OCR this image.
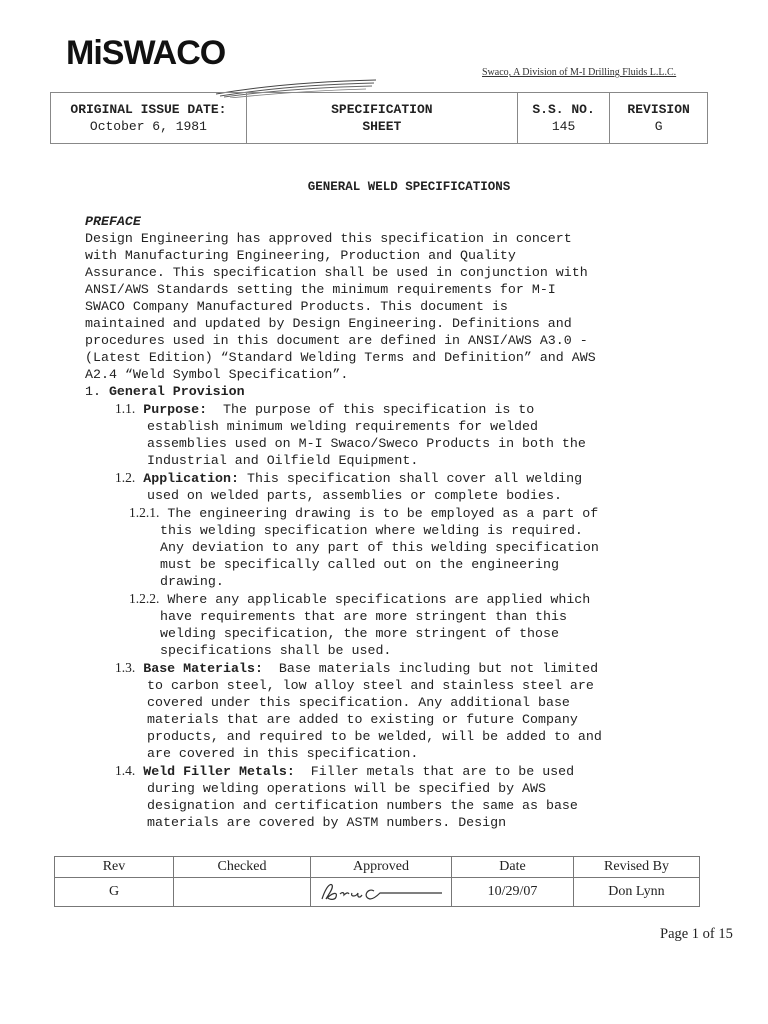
MiSWACO
Swaco, A Division of M-I Drilling Fluids L.L.C.
ORIGINAL ISSUE DATE:
October 6, 1981

SPECIFICATION
SHEET

S.S. NO.
145

REVISION
G
GENERAL WELD SPECIFICATIONS

PREFACE

Design Engineering has approved this specification in concert

with Manufacturing Engineering, Production and Quality

Assurance. This specification shall be used in conjunction with

ANSI/AWS Standards setting the minimum requirements for M-I

SWACO Company Manufactured Products. This document is

maintained and updated by Design Engineering. Definitions and

procedures used in this document are defined in ANSI/AWS A3.0 -

(Latest Edition) “Standard Welding Terms and Definition” and AWS

A2.4 “Weld Symbol Specification”.

1. General Provision

1.1. Purpose:  The purpose of this specification is to

establish minimum welding requirements for welded

assemblies used on M-I Swaco/Sweco Products in both the

Industrial and Oilfield Equipment.

1.2. Application: This specification shall cover all welding

used on welded parts, assemblies or complete bodies.

1.2.1. The engineering drawing is to be employed as a part of

this welding specification where welding is required.

Any deviation to any part of this welding specification

must be specifically called out on the engineering

drawing.

1.2.2. Where any applicable specifications are applied which

have requirements that are more stringent than this

welding specification, the more stringent of those

specifications shall be used.

1.3. Base Materials:  Base materials including but not limited

to carbon steel, low alloy steel and stainless steel are

covered under this specification. Any additional base

materials that are added to existing or future Company

products, and required to be welded, will be added to and

are covered in this specification.

1.4. Weld Filler Metals:  Filler metals that are to be used

during welding operations will be specified by AWS

designation and certification numbers the same as base

materials are covered by ASTM numbers. Design

Rev	Checked	Approved	Date	Revised By
G			10/29/07	Don Lynn
Page 1 of 15
